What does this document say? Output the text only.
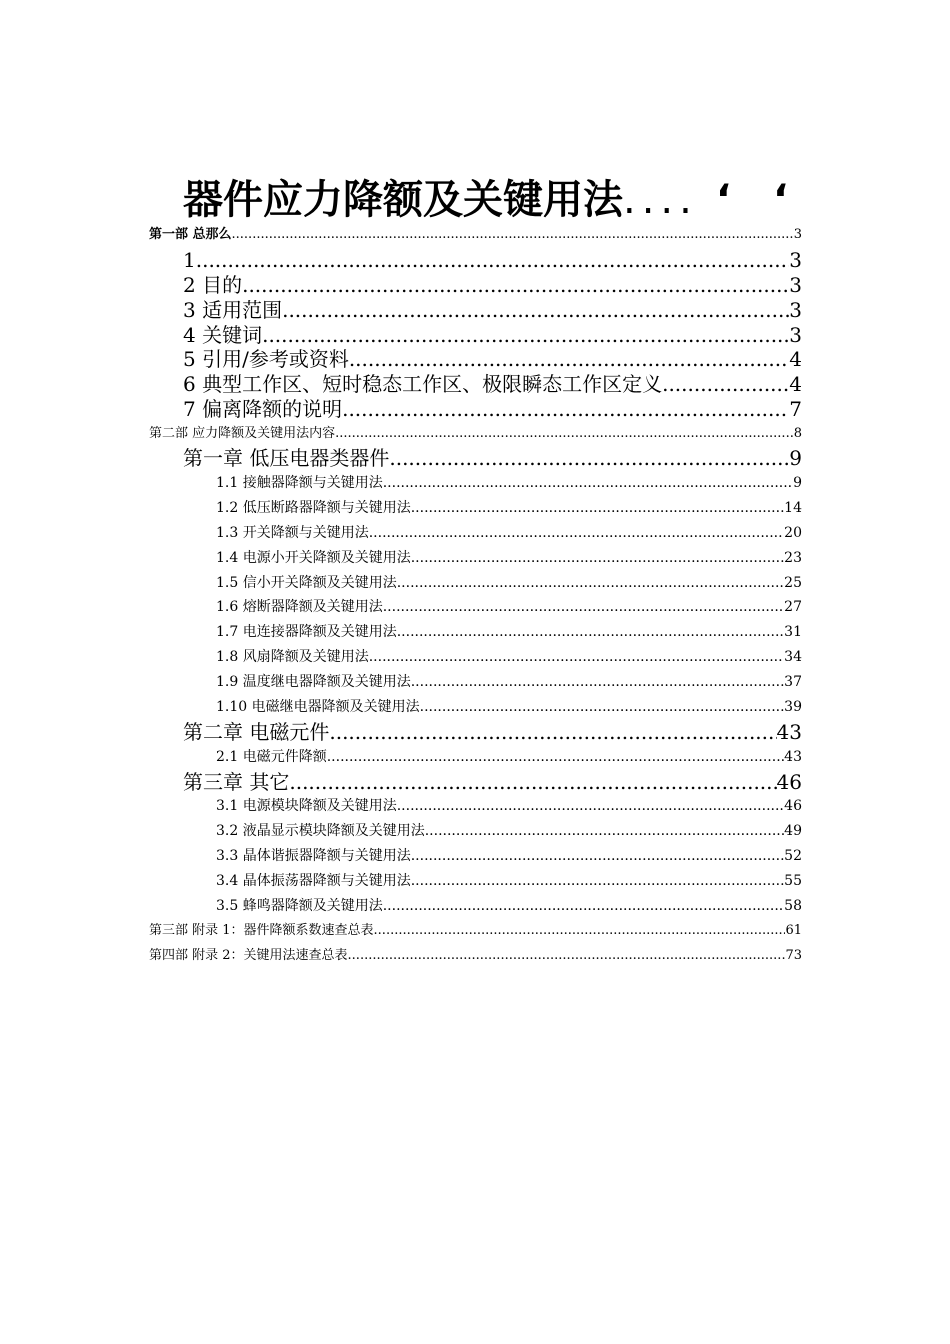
器件应力降额及关键用法.... ‘ ‘
第一部 总那么 .....	3
1 .....	3
2 目的 .....	3
3 适用范围 .....	3
4 关键词 .....	3
5 引用/参考或资料 .....	4
6 典型工作区、短时稳态工作区、极限瞬态工作区定义 .....	4
7 偏离降额的说明 .....	7
第二部 应力降额及关键用法内容 .....	8
第一章 低压电器类器件 .....	9
1.1 接触器降额与关键用法 .....	9
1.2 低压断路器降额与关键用法 .....	14
1.3 开关降额与关键用法 .....	20
1.4 电源小开关降额及关键用法 .....	23
1.5 信小开关降额及关键用法 .....	25
1.6 熔断器降额及关键用法 .....	27
1.7 电连接器降额及关键用法 .....	31
1.8 风扇降额及关键用法 .....	34
1.9 温度继电器降额及关键用法 .....	37
1.10 电磁继电器降额及关键用法 .....	39
第二章 电磁元件 .....	43
2.1 电磁元件降额 .....	43
第三章 其它 .....	46
3.1 电源模块降额及关键用法 .....	46
3.2 液晶显示模块降额及关键用法 .....	49
3.3 晶体谐振器降额与关键用法 .....	52
3.4 晶体振荡器降额与关键用法 .....	55
3.5 蜂鸣器降额及关键用法 .....	58
第三部 附录 1：器件降额系数速查总表 .....	61
第四部 附录 2：关键用法速查总表 .....	73
